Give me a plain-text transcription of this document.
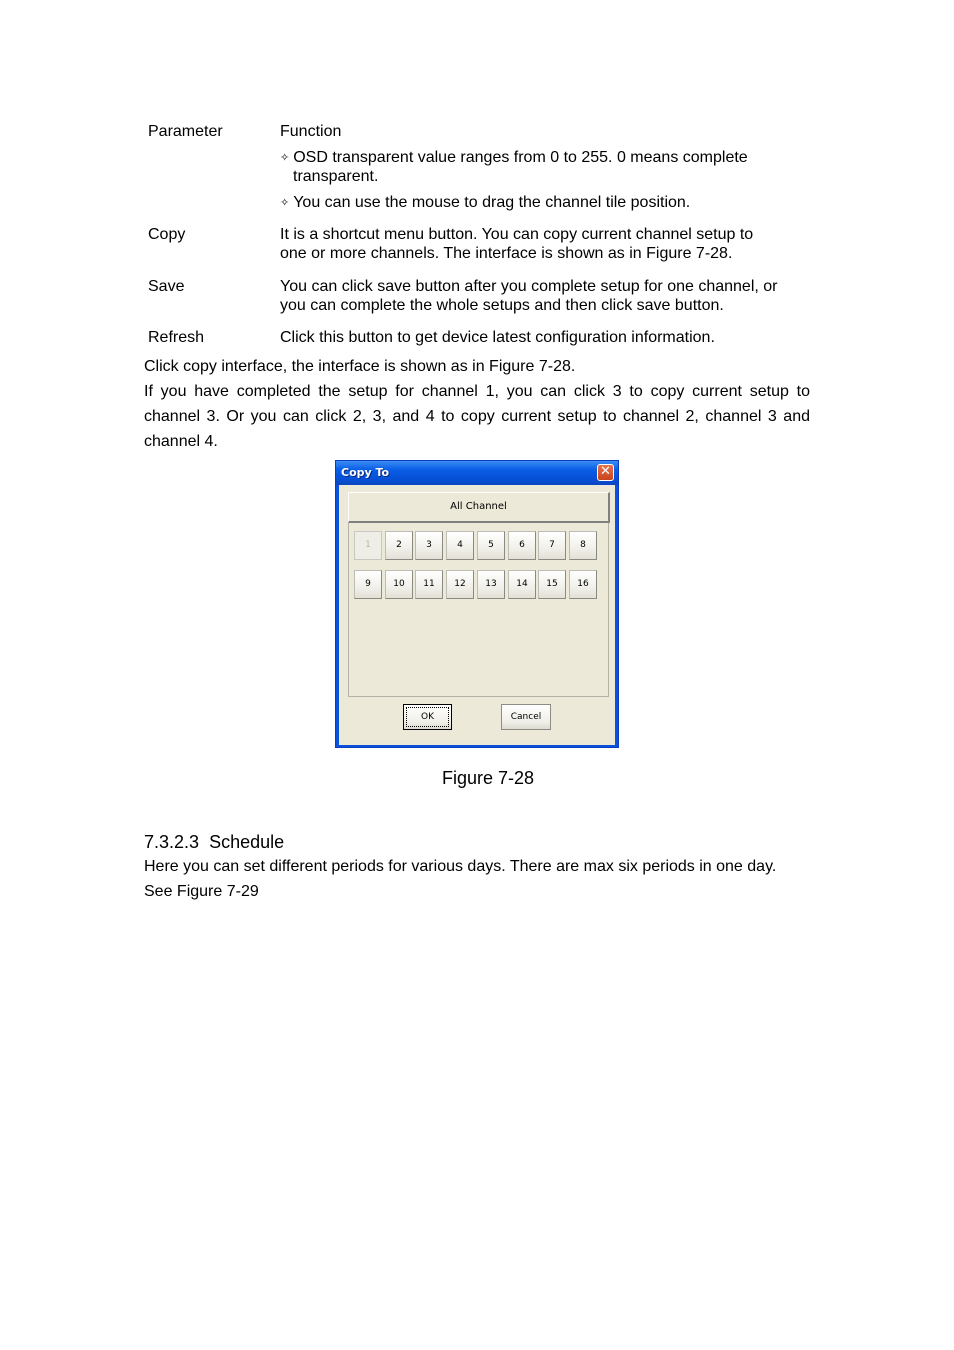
Parameter	Function
✧ OSD transparent value ranges from 0 to 255. 0 means complete
transparent.
✧ You can use the mouse to drag the channel tile position.
Copy	It is a shortcut menu button. You can copy current channel setup to
one or more channels. The interface is shown as in Figure 7-28.
Save	You can click save button after you complete setup for one channel, or
you can complete the whole setups and then click save button.
Refresh	Click this button to get device latest configuration information.
Click copy interface, the interface is shown as in Figure 7-28.
If you have completed the setup for channel 1, you can click 3 to copy current setup to channel 3. Or you can click 2, 3, and 4 to copy current setup to channel 2, channel 3 and channel 4.
Copy To	✕
All Channel
1	2	3	4	5	6	7	8
9	10	11	12	13	14	15	16
OK	Cancel
Figure 7-28
7.3.2.3 Schedule
Here you can set different periods for various days. There are max six periods in one day.
See Figure 7-29
